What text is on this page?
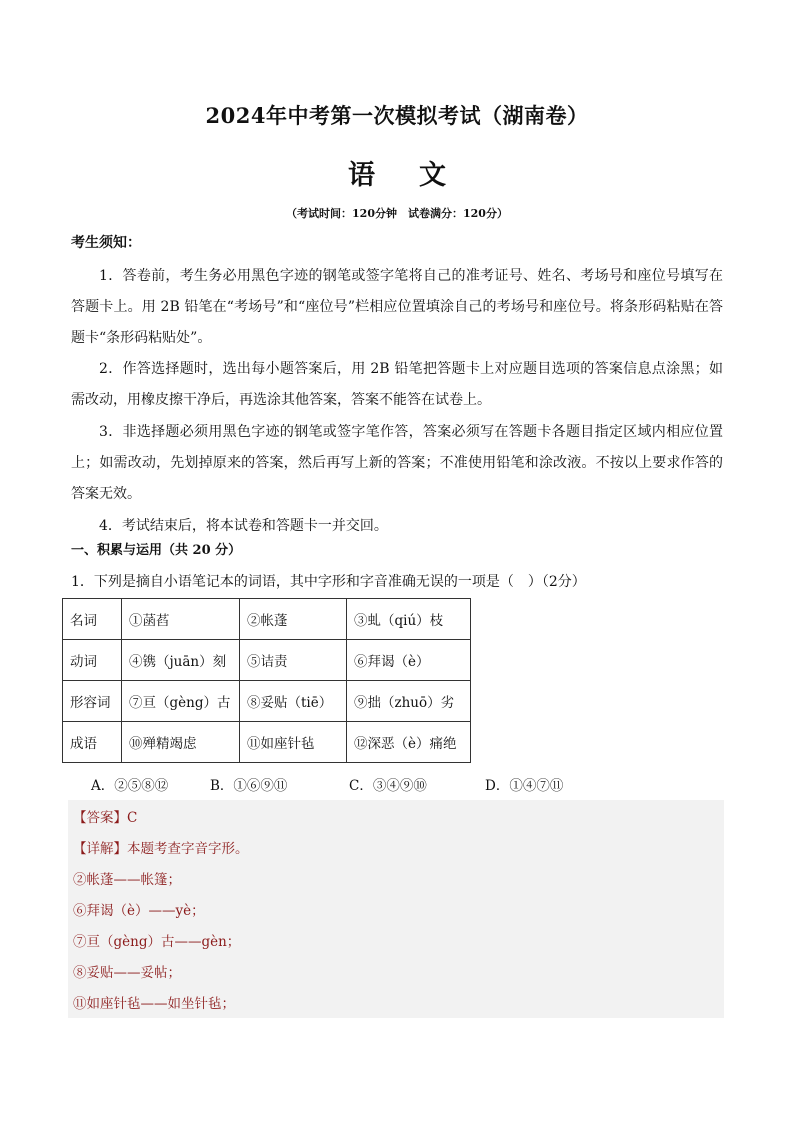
2024年中考第一次模拟考试（湖南卷）
语 文
（考试时间：120分钟　试卷满分：120分）
考生须知：
1．答卷前，考生务必用黑色字迹的钢笔或签字笔将自己的准考证号、姓名、考场号和座位号填写在答题卡上。用 2B 铅笔在“考场号”和“座位号”栏相应位置填涂自己的考场号和座位号。将条形码粘贴在答题卡“条形码粘贴处”。
2．作答选择题时，选出每小题答案后，用 2B 铅笔把答题卡上对应题目选项的答案信息点涂黑；如需改动，用橡皮擦干净后，再选涂其他答案，答案不能答在试卷上。
3．非选择题必须用黑色字迹的钢笔或签字笔作答，答案必须写在答题卡各题目指定区域内相应位置上；如需改动，先划掉原来的答案，然后再写上新的答案；不准使用铅笔和涂改液。不按以上要求作答的答案无效。
4．考试结束后，将本试卷和答题卡一并交回。
一、积累与运用（共 20 分）
1．下列是摘自小语笔记本的词语，其中字形和字音准确无误的一项是（　）（2分）
名词	①菡萏	②帐蓬	③虬（qiú）枝
动词	④镌（juān）刻	⑤诘责	⑥拜谒（è）
形容词	⑦亘（gèng）古	⑧妥贴（tiē）	⑨拙（zhuō）劣
成语	⑩殚精竭虑	⑪如座针毡	⑫深恶（è）痛绝
A．②⑤⑧⑫	B．①⑥⑨⑪	C．③④⑨⑩	D．①④⑦⑪
【答案】C
【详解】本题考查字音字形。
②帐蓬——帐篷；
⑥拜谒（è）——yè；
⑦亘（gèng）古——gèn；
⑧妥贴——妥帖；
⑪如座针毡——如坐针毡；
